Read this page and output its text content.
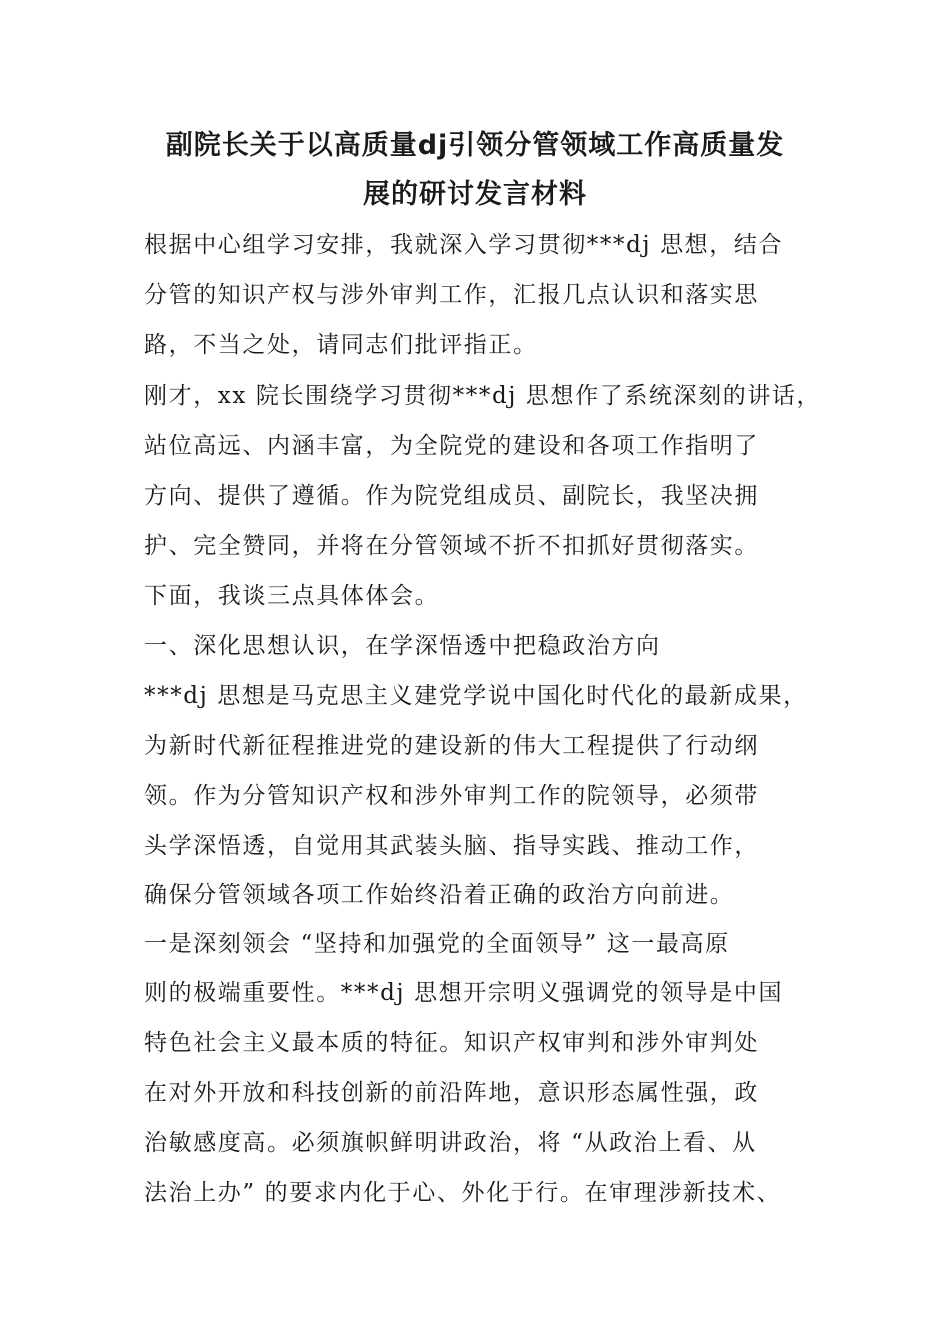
副院长关于以高质量dj引领分管领域工作高质量发
展的研讨发言材料
根据中心组学习安排，我就深入学习贯彻***dj 思想，结合
分管的知识产权与涉外审判工作，汇报几点认识和落实思
路，不当之处，请同志们批评指正。
刚才，xx 院长围绕学习贯彻***dj 思想作了系统深刻的讲话，
站位高远、内涵丰富，为全院党的建设和各项工作指明了
方向、提供了遵循。作为院党组成员、副院长，我坚决拥
护、完全赞同，并将在分管领域不折不扣抓好贯彻落实。
下面，我谈三点具体体会。
一、深化思想认识，在学深悟透中把稳政治方向
***dj 思想是马克思主义建党学说中国化时代化的最新成果，
为新时代新征程推进党的建设新的伟大工程提供了行动纲
领。作为分管知识产权和涉外审判工作的院领导，必须带
头学深悟透，自觉用其武装头脑、指导实践、推动工作，
确保分管领域各项工作始终沿着正确的政治方向前进。
一是深刻领会 “坚持和加强党的全面领导” 这一最高原
则的极端重要性。***dj 思想开宗明义强调党的领导是中国
特色社会主义最本质的特征。知识产权审判和涉外审判处
在对外开放和科技创新的前沿阵地，意识形态属性强，政
治敏感度高。必须旗帜鲜明讲政治，将 “从政治上看、从
法治上办” 的要求内化于心、外化于行。在审理涉新技术、
